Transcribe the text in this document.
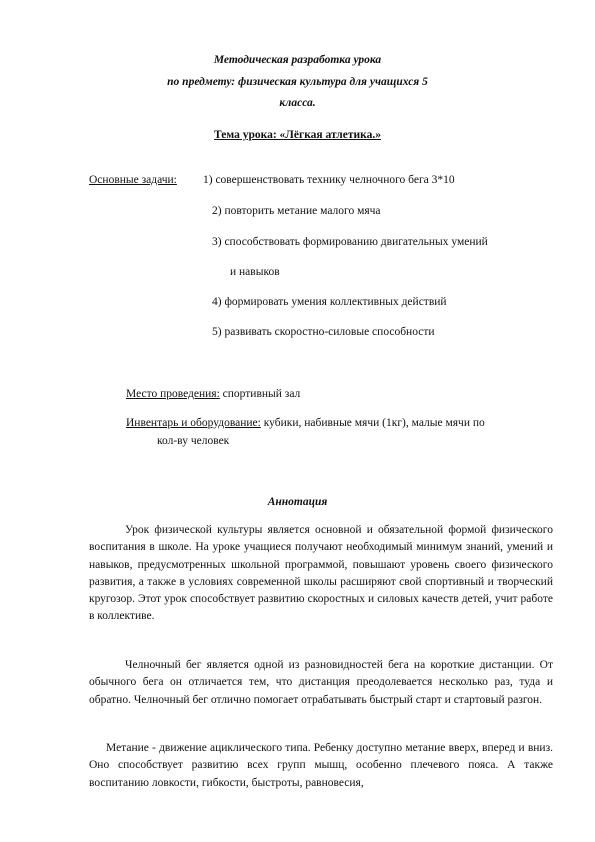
Методическая разработка урока
по предмету: физическая культура для учащихся 5
класса.
Тема урока: «Лёгкая атлетика.»
Основные задачи: 1) совершенствовать технику челночного бега 3*10
2) повторить метание малого мяча
3) способствовать формированию двигательных умений
и навыков
4) формировать умения коллективных действий
5) развивать скоростно-силовые способности
Место проведения: спортивный зал
Инвентарь и оборудование: кубики, набивные мячи (1кг), малые мячи по
кол-ву человек
Аннотация

Урок физической культуры является основной и обязательной формой физического воспитания в школе. На уроке учащиеся получают необходимый минимум знаний, умений и навыков, предусмотренных школьной программой, повышают уровень своего физического развития, а также в условиях современной школы расширяют свой спортивный и творческий кругозор. Этот урок способствует развитию скоростных и силовых качеств детей, учит работе в коллективе.

Челночный бег является одной из разновидностей бега на короткие дистанции. От обычного бега он отличается тем, что дистанция преодолевается несколько раз, туда и обратно. Челночный бег отлично помогает отрабатывать быстрый старт и стартовый разгон.

Метание - движение ациклического типа. Ребенку доступно метание вверх, вперед и вниз. Оно способствует развитию всех групп мышц, особенно плечевого пояса. А также воспитанию ловкости, гибкости, быстроты, равновесия,
